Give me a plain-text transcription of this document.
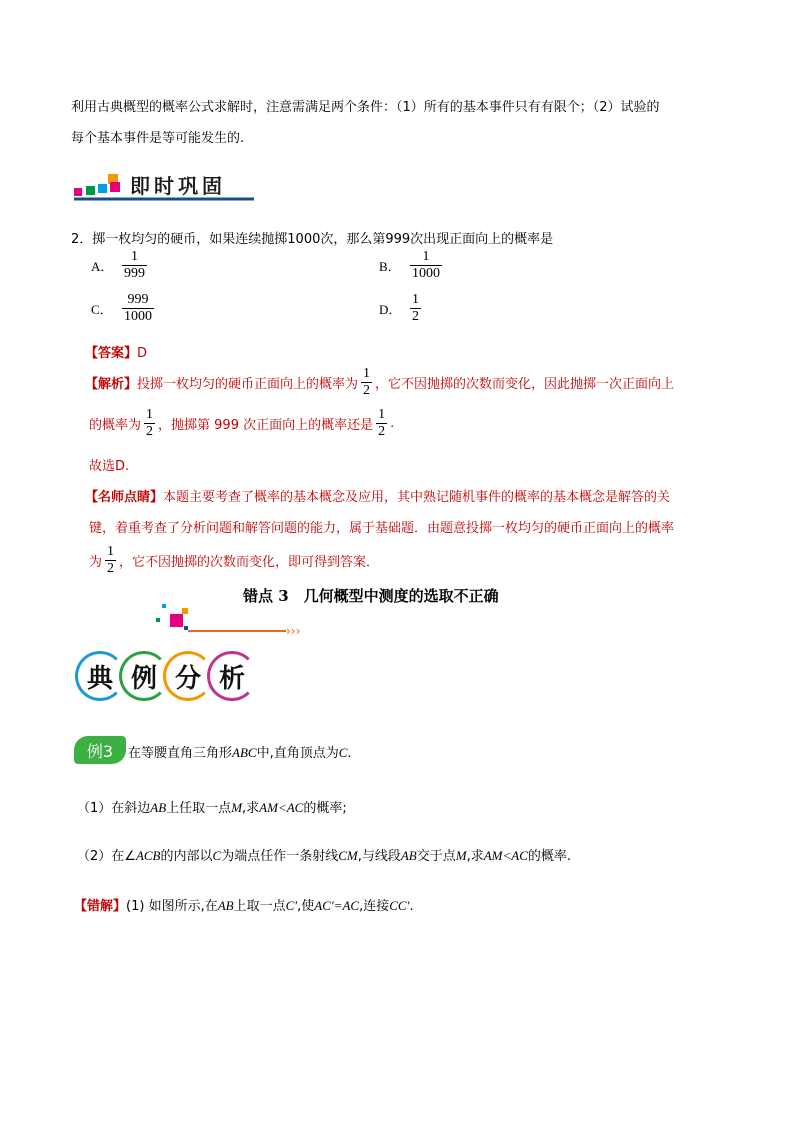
利用古典概型的概率公式求解时，注意需满足两个条件：（1）所有的基本事件只有有限个；（2）试验的
每个基本事件是等可能发生的.
即时巩固
2．掷一枚均匀的硬币，如果连续抛掷1000次，那么第999次出现正面向上的概率是
A． $\frac{1}{999}$	B． $\frac{1}{1000}$
C． $\frac{999}{1000}$	D． $\frac{1}{2}$
【答案】D
【解析】 投掷一枚均匀的硬币正面向上的概率为 $\frac{1}{2}$ ，它不因抛掷的次数而变化，因此抛掷一次正面向上
的概率为 $\frac{1}{2}$ ，抛掷第 999 次正面向上的概率还是 $\frac{1}{2}$ .
故选D.
【名师点睛】本题主要考查了概率的基本概念及应用，其中熟记随机事件的概率的基本概念是解答的关
键，着重考查了分析问题和解答问题的能力，属于基础题．由题意投掷一枚均匀的硬币正面向上的概率
为 $\frac{1}{2}$ ，它不因抛掷的次数而变化，即可得到答案．
错点 3　几何概型中测度的选取不正确
›››
典 例 分 析
例3	在等腰直角三角形ABC中,直角顶点为C.
（1）在斜边AB上任取一点M,求AM<AC的概率;
（2）在∠ACB的内部以C为端点任作一条射线CM,与线段AB交于点M,求AM<AC的概率.
【错解】(1) 如图所示,在AB上取一点C′,使AC′=AC,连接CC′.
